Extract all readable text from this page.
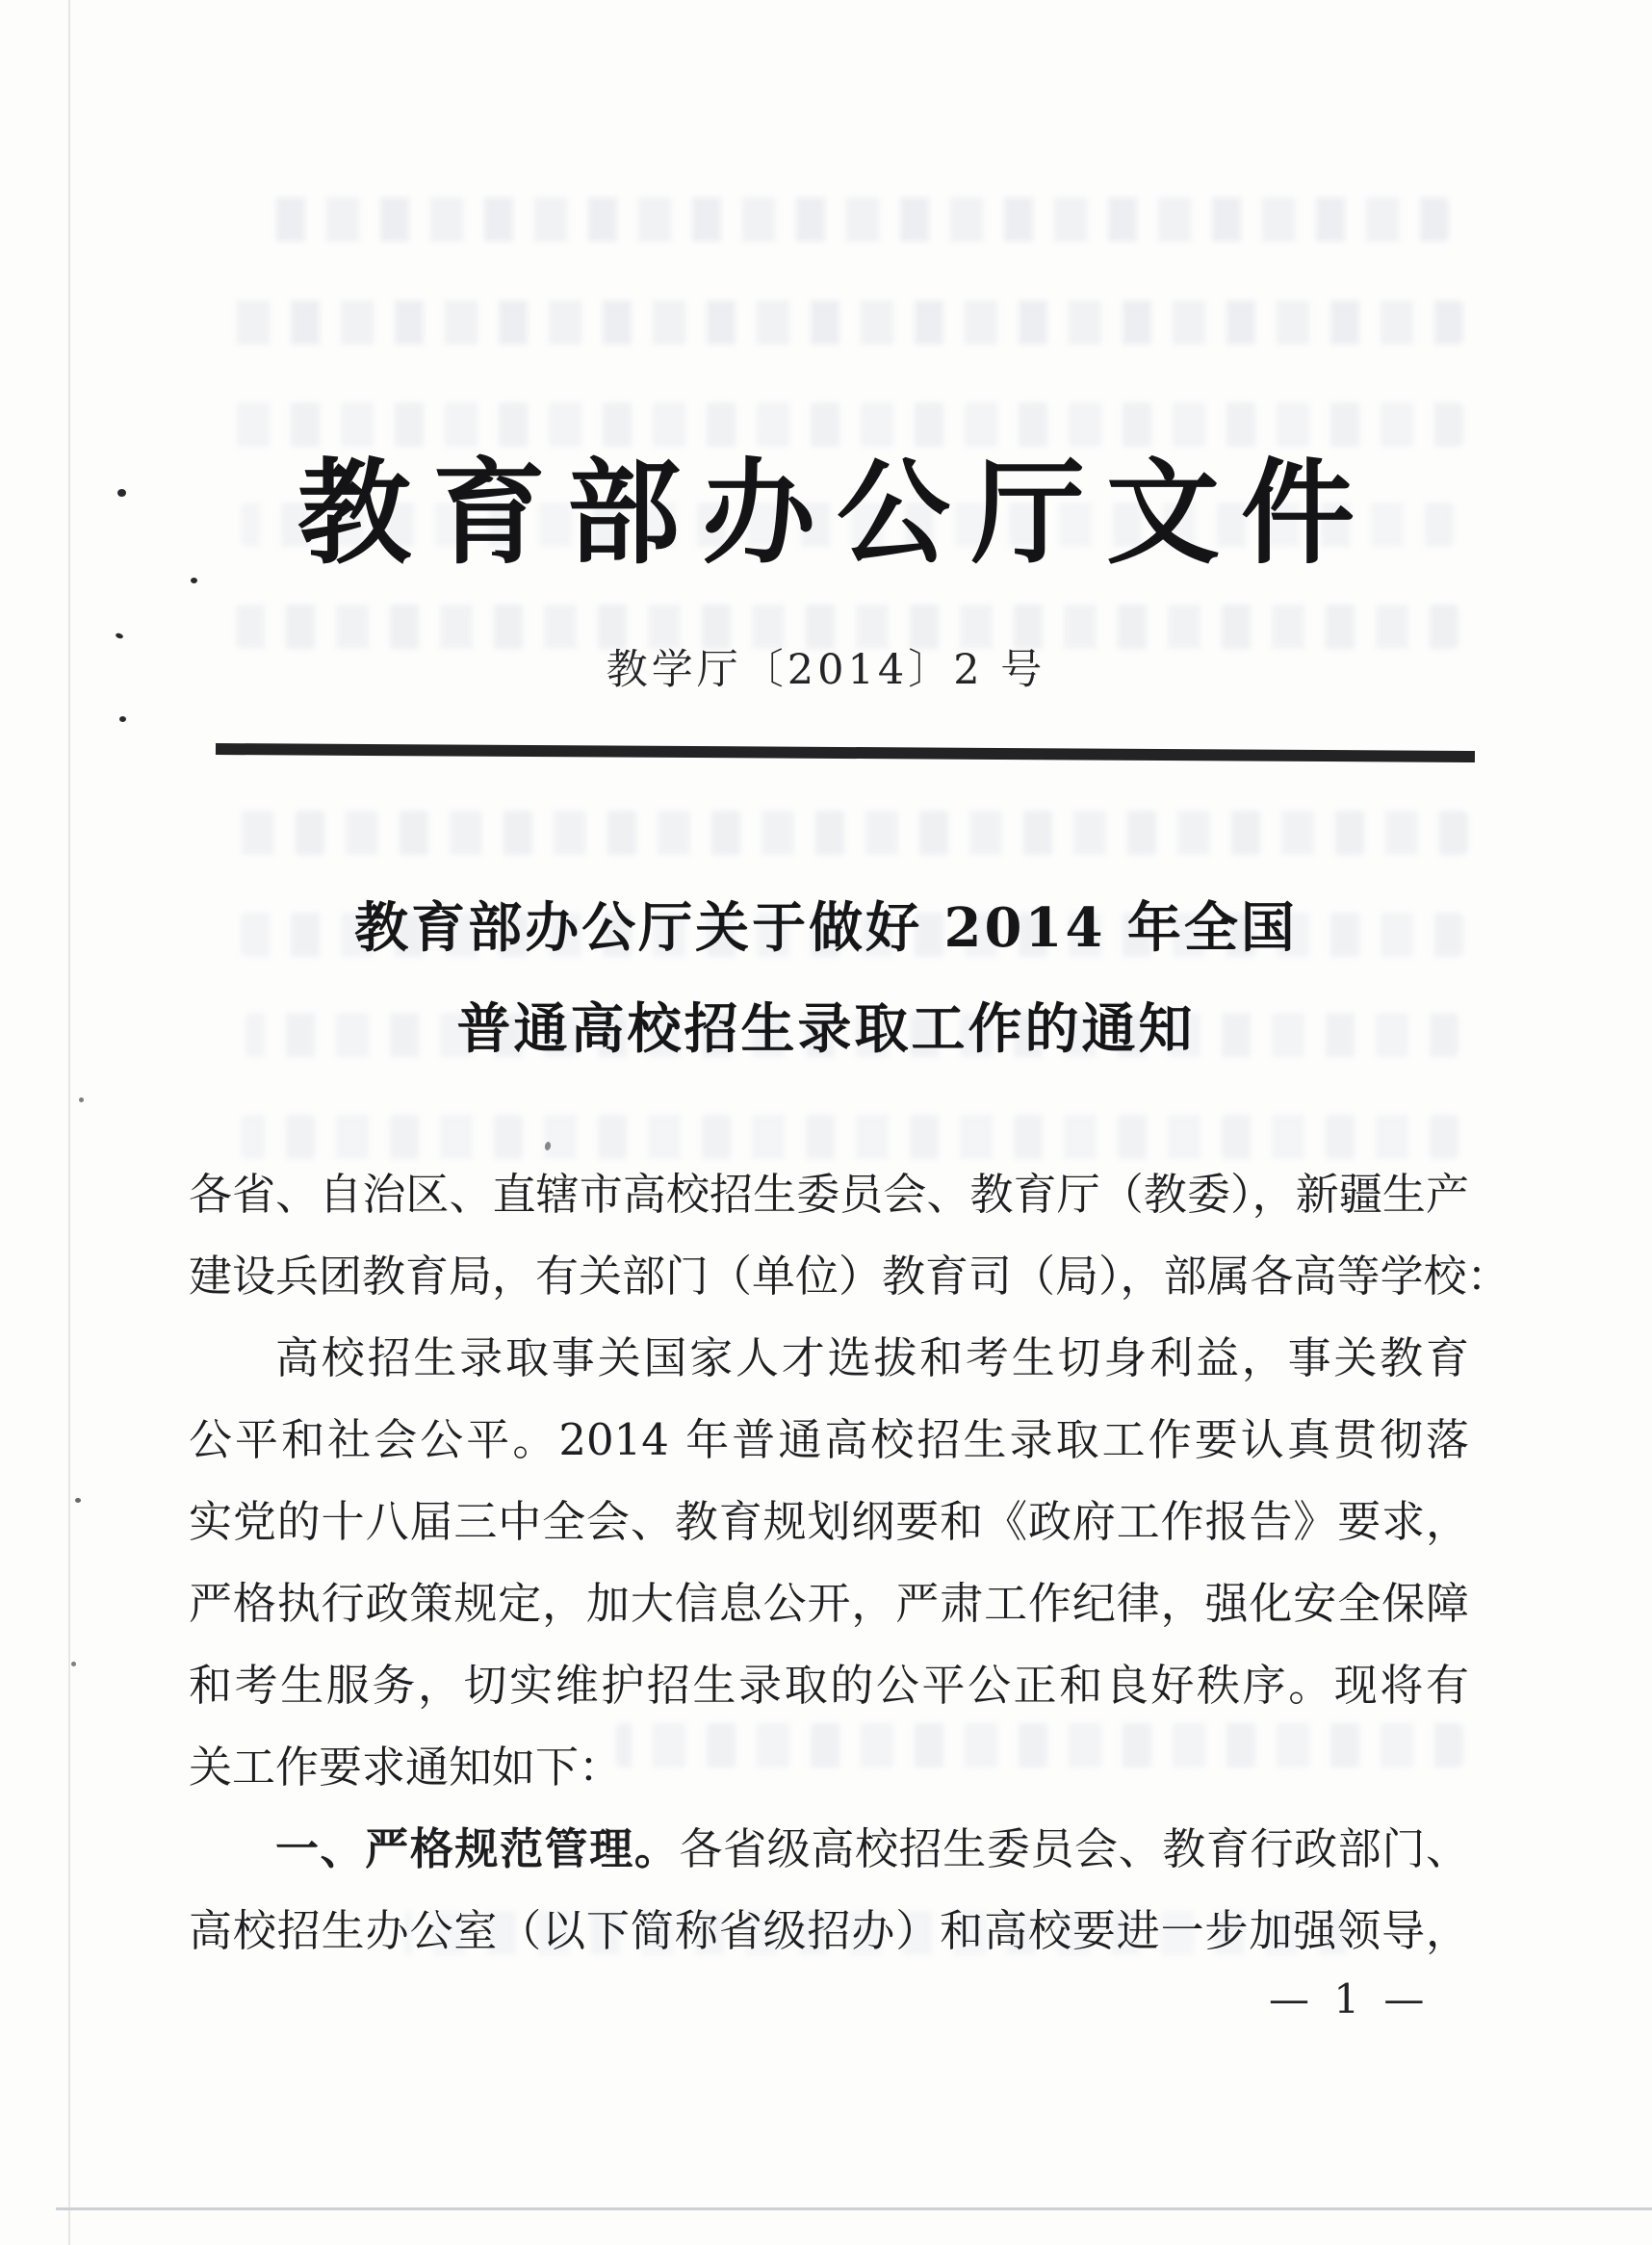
教育部办公厅文件
教学厅〔2014〕2 号
教育部办公厅关于做好 2014 年全国
普通高校招生录取工作的通知
各省、自治区、直辖市高校招生委员会、教育厅（教委），新疆生产
建设兵团教育局，有关部门（单位）教育司（局），部属各高等学校：
高校招生录取事关国家人才选拔和考生切身利益，事关教育
公平和社会公平。2014 年普通高校招生录取工作要认真贯彻落
实党的十八届三中全会、教育规划纲要和《政府工作报告》要求，
严格执行政策规定，加大信息公开，严肃工作纪律，强化安全保障
和考生服务，切实维护招生录取的公平公正和良好秩序。现将有
关工作要求通知如下：
一、严格规范管理。各省级高校招生委员会、教育行政部门、
高校招生办公室（以下简称省级招办）和高校要进一步加强领导，
— 1 —
